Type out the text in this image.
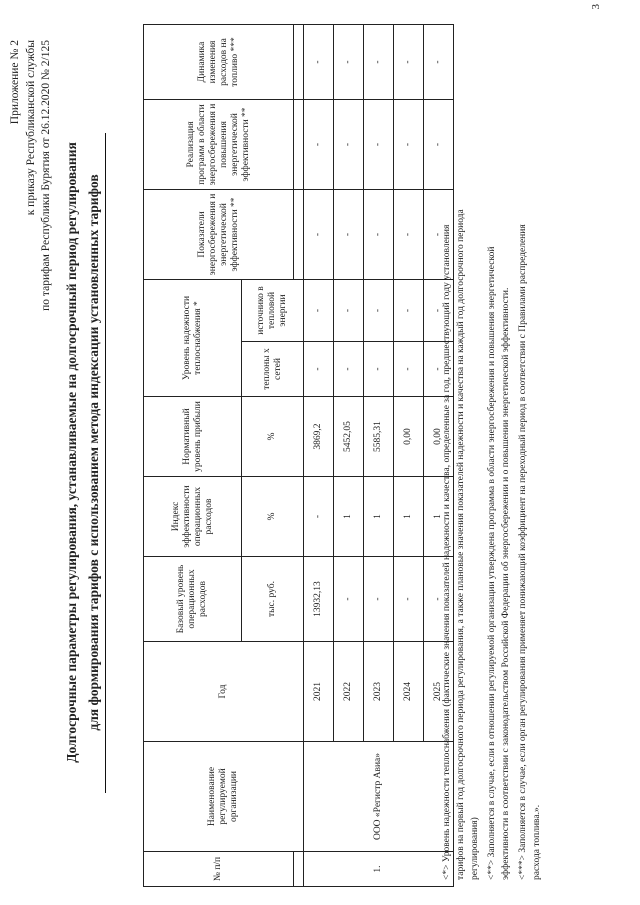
Приложение № 2 к приказу Республиканской службы по тарифам Республики Бурятия от 26.12.2020 № 2/125 Долгосрочные параметры регулирования, устанавливаемые на долгосрочный период регулирования для формирования тарифов с использованием метода индексации установленных тарифов
№ п/п	Наименование регулируемой организации	Год	Базовый уровень операционных расходов	Индекс эффективности операционных расходов	Нормативный уровень прибыли	Уровень надежности теплоснабжения *		Показатели энергосбережения и энергетической эффективности **	Реализация программ в области энергосбережения и повышения энергетической эффективности **	Динамика изменения расходов на топливо ***
			тыс. руб.	%	%	теплоны х сетей	источнико в тепловой энергии			

1.	ООО «Регистр Авиа»	2021	13932,13	-	3869,2	-	-	-	-	-
		2022	-	1	5452,05	-	-	-	-	-
		2023	-	1	5585,31	-	-	-	-	-
		2024	-	1	0,00	-	-	-	-	-
		2025	-	1	0,00	-	-	-	-	-
<*> Уровень надежности теплоснабжения (фактические значения показателей надежности и качества, определенные за год, предшествующий году установления тарифов на первый год долгосрочного периода регулирования, а также плановые значения показателей надежности и качества на каждый год долгосрочного периода регулирования) <**> Заполняется в случае, если в отношении регулируемой организации утверждена программа в области энергосбережения и повышения энергетической эффективности в соответствии с законодательством Российской Федерации об энергосбережении и о повышении энергетической эффективности. <***> Заполняется в случае, если орган регулирования применяет понижающий коэффициент на переходный период в соответствии с Правилами распределения расхода топлива.».
3
